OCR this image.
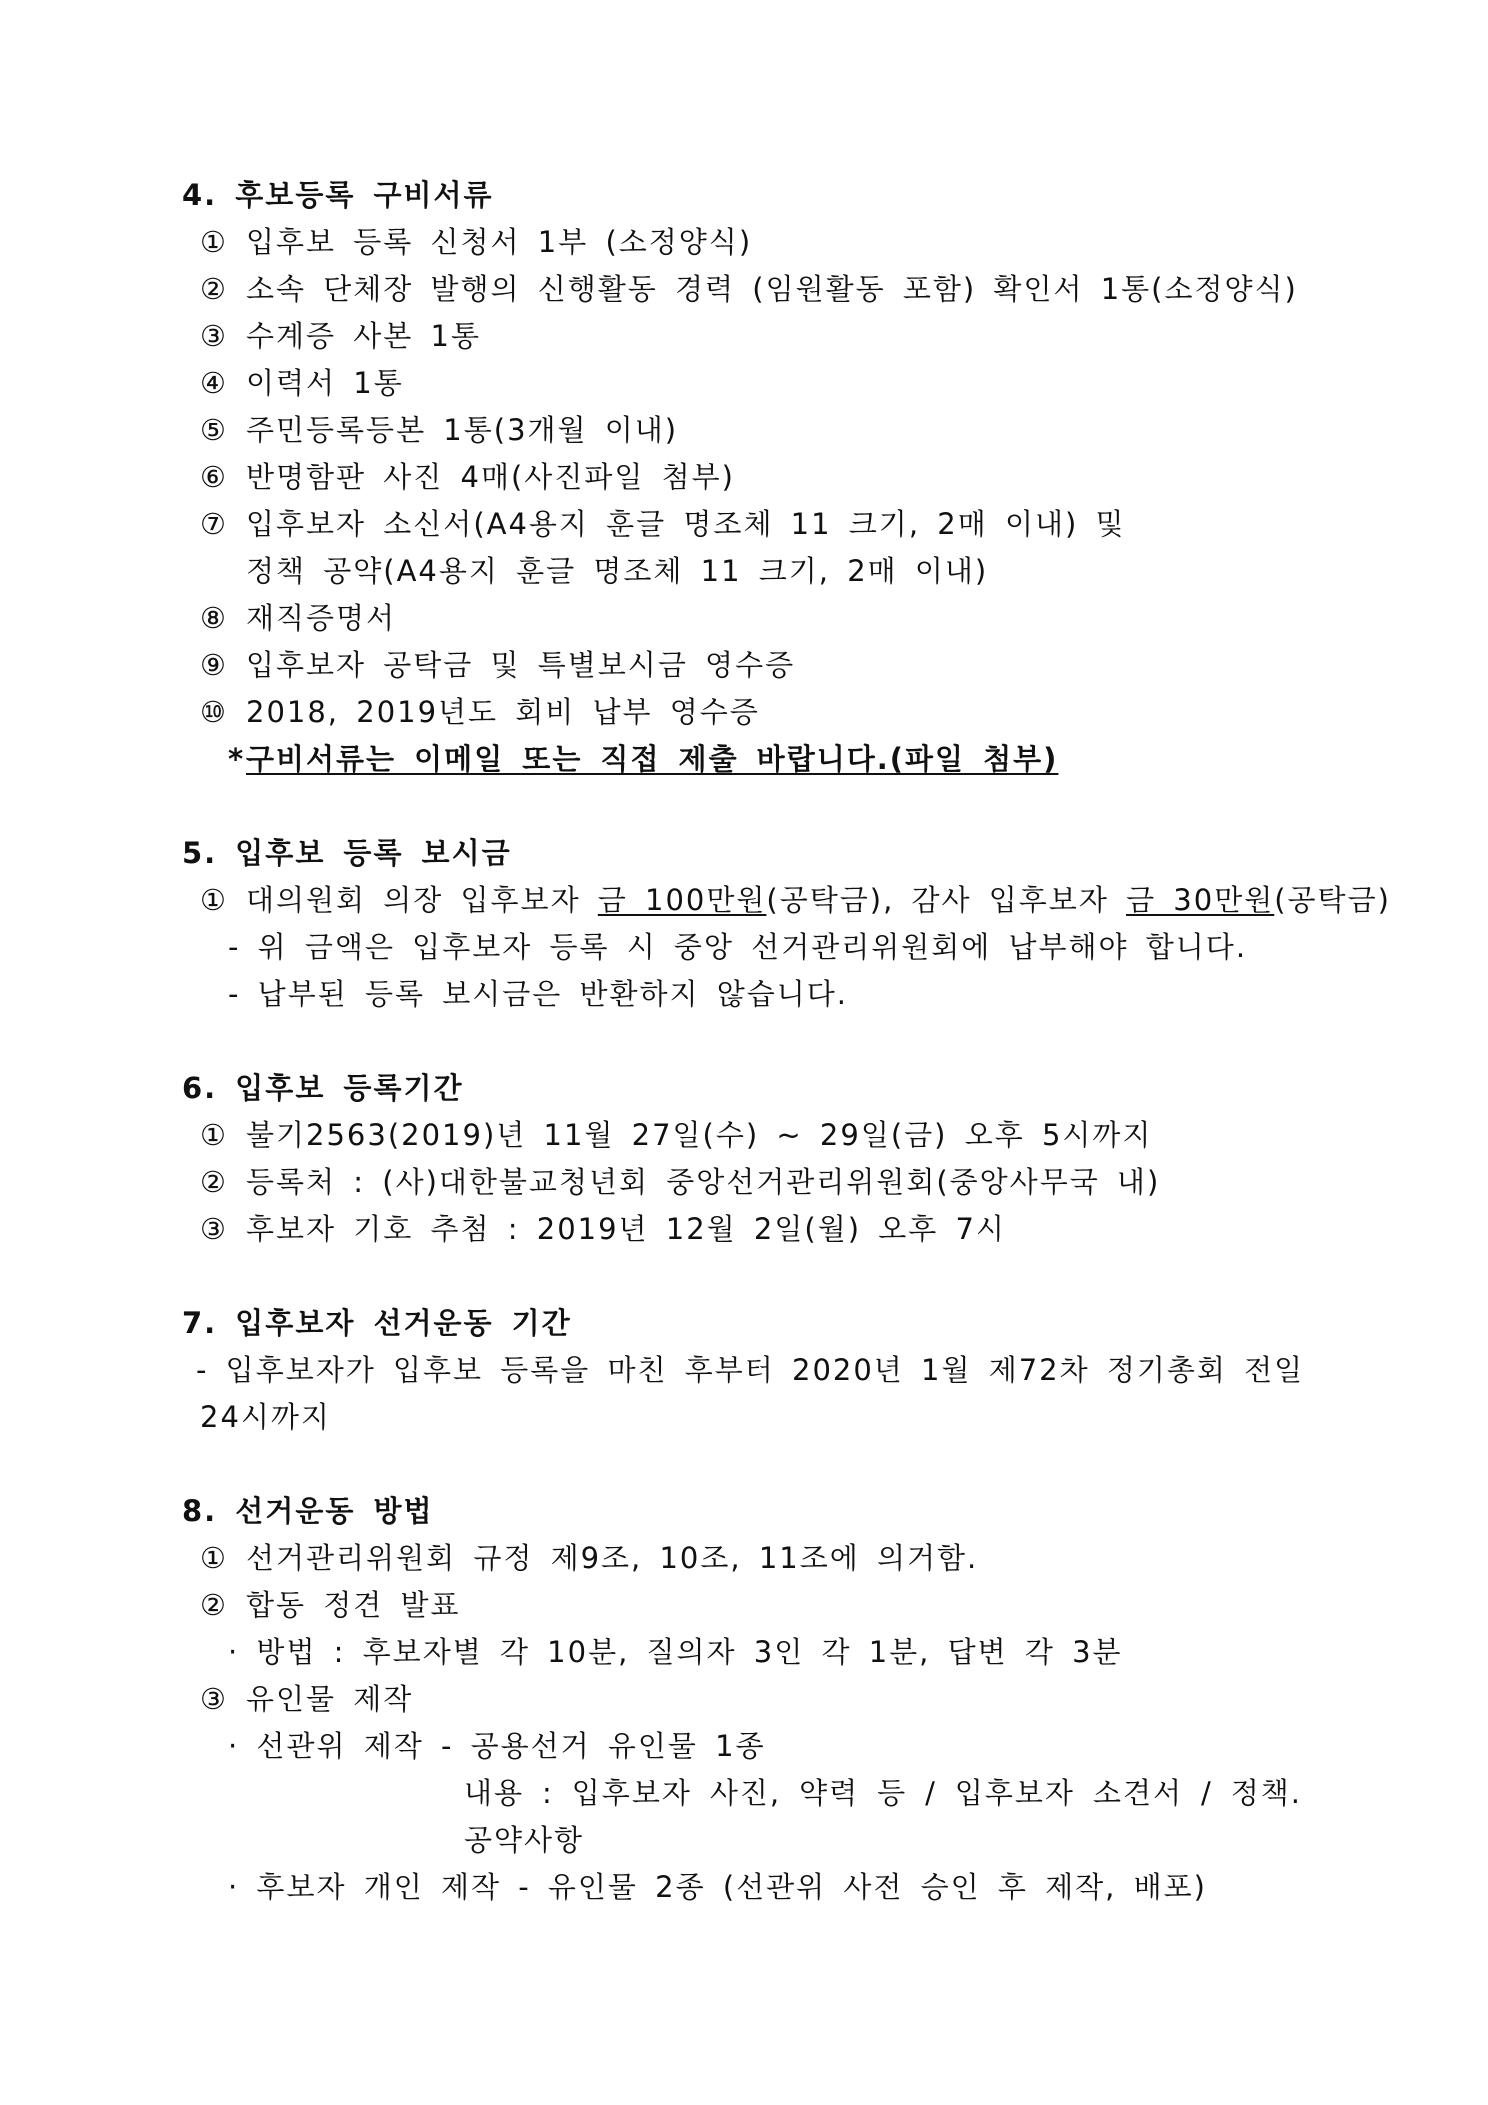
4. 후보등록 구비서류
① 입후보 등록 신청서 1부 (소정양식)
② 소속 단체장 발행의 신행활동 경력 (임원활동 포함) 확인서 1통(소정양식)
③ 수계증 사본 1통
④ 이력서 1통
⑤ 주민등록등본 1통(3개월 이내)
⑥ 반명함판 사진 4매(사진파일 첨부)
⑦ 입후보자 소신서(A4용지 훈글 명조체 11 크기, 2매 이내) 및
정책 공약(A4용지 훈글 명조체 11 크기, 2매 이내)
⑧ 재직증명서
⑨ 입후보자 공탁금 및 특별보시금 영수증
⑩ 2018, 2019년도 회비 납부 영수증
*구비서류는 이메일 또는 직접 제출 바랍니다.(파일 첨부)
5. 입후보 등록 보시금
① 대의원회 의장 입후보자 금 100만원(공탁금), 감사 입후보자 금 30만원(공탁금)
- 위 금액은 입후보자 등록 시 중앙 선거관리위원회에 납부해야 합니다.
- 납부된 등록 보시금은 반환하지 않습니다.
6. 입후보 등록기간
① 불기2563(2019)년 11월 27일(수) ~ 29일(금) 오후 5시까지
② 등록처 : (사)대한불교청년회 중앙선거관리위원회(중앙사무국 내)
③ 후보자 기호 추첨 : 2019년 12월 2일(월) 오후 7시
7. 입후보자 선거운동 기간
- 입후보자가 입후보 등록을 마친 후부터 2020년 1월 제72차 정기총회 전일
24시까지
8. 선거운동 방법
① 선거관리위원회 규정 제9조, 10조, 11조에 의거함.
② 합동 정견 발표
· 방법 : 후보자별 각 10분, 질의자 3인 각 1분, 답변 각 3분
③ 유인물 제작
· 선관위 제작 - 공용선거 유인물 1종
내용 : 입후보자 사진, 약력 등 / 입후보자 소견서 / 정책.
공약사항
· 후보자 개인 제작 - 유인물 2종 (선관위 사전 승인 후 제작, 배포)
